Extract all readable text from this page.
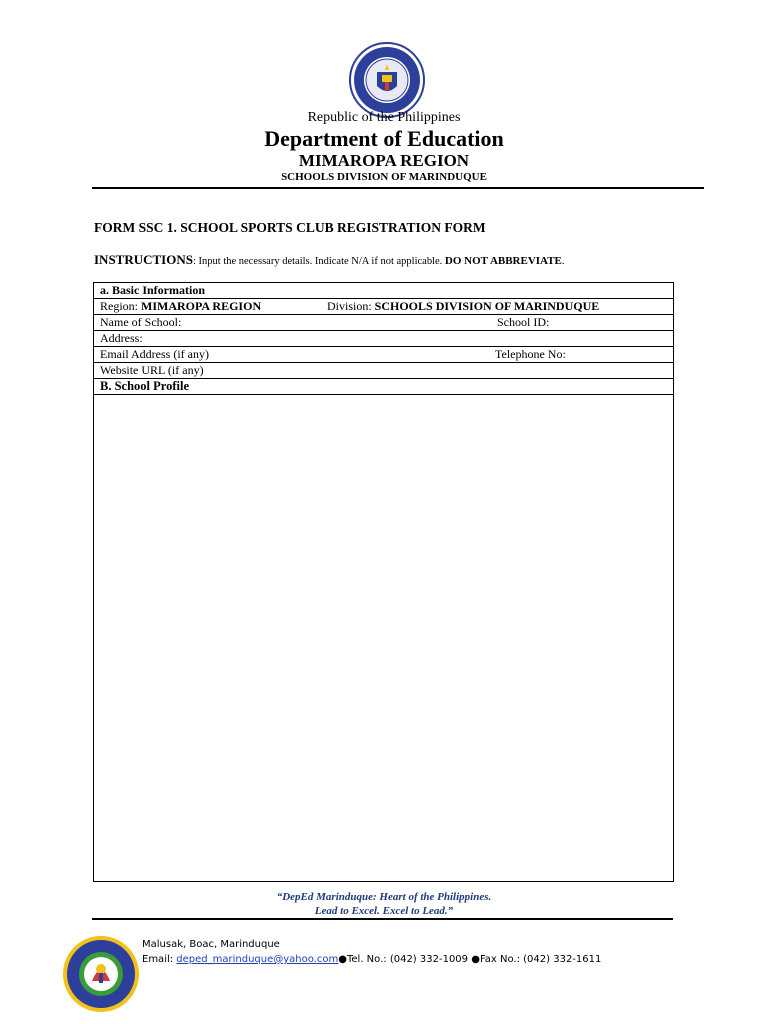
Republic of the Philippines
Department of Education
MIMAROPA REGION
SCHOOLS DIVISION OF MARINDUQUE
FORM SSC 1. SCHOOL SPORTS CLUB REGISTRATION FORM
INSTRUCTIONS: Input the necessary details. Indicate N/A if not applicable. DO NOT ABBREVIATE.
a. Basic Information
Region: MIMAROPA REGION	Division: SCHOOLS DIVISION OF MARINDUQUE
Name of School:	School ID:
Address:
Email Address (if any)	Telephone No:
Website URL (if any)
B. School Profile
“DepEd Marinduque: Heart of the Philippines.
Lead to Excel. Excel to Lead.”
Malusak, Boac, Marinduque
Email: deped_marinduque@yahoo.com●Tel. No.: (042) 332-1009 ●Fax No.: (042) 332-1611
